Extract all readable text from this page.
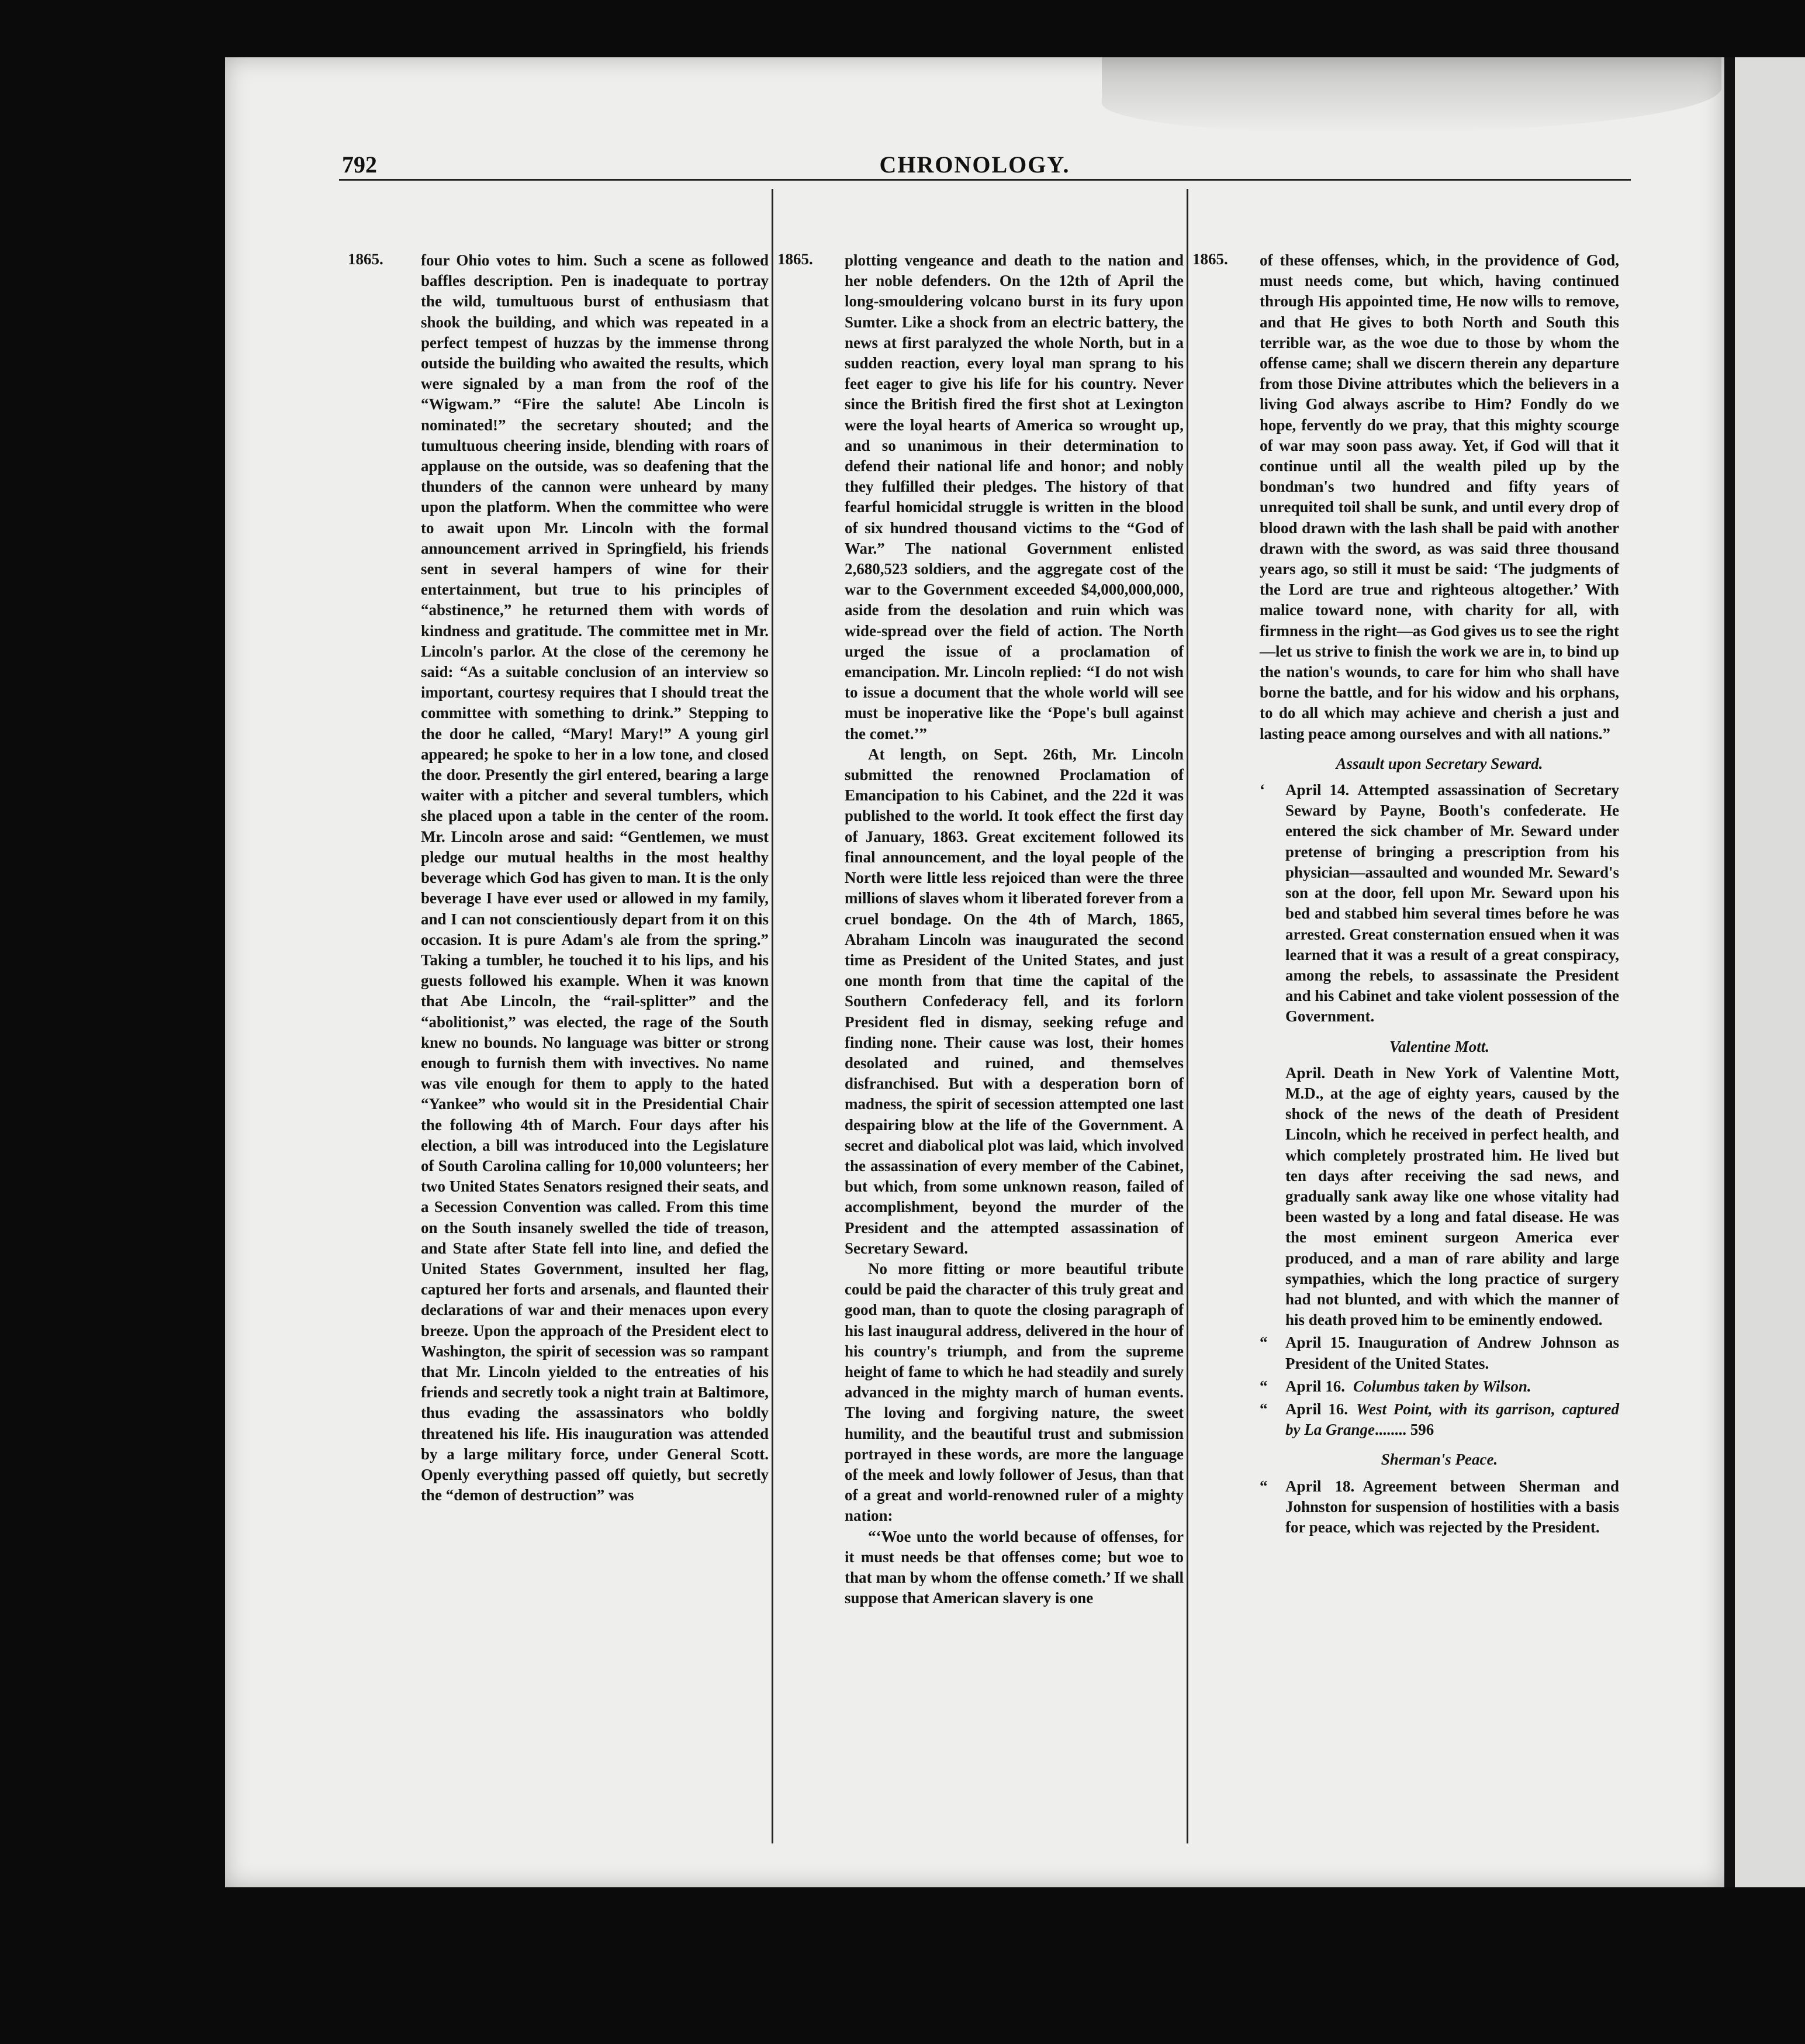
792	CHRONOLOGY.
1865.	1865.	1865.

four Ohio votes to him. Such a scene as followed baffles description. Pen is inadequate to portray the wild, tumultuous burst of enthusiasm that shook the building, and which was repeated in a perfect tempest of huzzas by the immense throng outside the building who awaited the results, which were signaled by a man from the roof of the “Wigwam.” “Fire the salute! Abe Lincoln is nominated!” the secretary shouted; and the tumultuous cheering inside, blending with roars of applause on the outside, was so deafening that the thunders of the cannon were unheard by many upon the platform. When the committee who were to await upon Mr. Lincoln with the formal announcement arrived in Springfield, his friends sent in several hampers of wine for their entertainment, but true to his principles of “abstinence,” he returned them with words of kindness and gratitude. The committee met in Mr. Lincoln's parlor. At the close of the ceremony he said: “As a suitable conclusion of an interview so important, courtesy requires that I should treat the committee with something to drink.” Stepping to the door he called, “Mary! Mary!” A young girl appeared; he spoke to her in a low tone, and closed the door. Presently the girl entered, bearing a large waiter with a pitcher and several tumblers, which she placed upon a table in the center of the room. Mr. Lincoln arose and said: “Gentlemen, we must pledge our mutual healths in the most healthy beverage which God has given to man. It is the only beverage I have ever used or allowed in my family, and I can not conscientiously depart from it on this occasion. It is pure Adam's ale from the spring.” Taking a tumbler, he touched it to his lips, and his guests followed his example. When it was known that Abe Lincoln, the “rail-splitter” and the “abolitionist,” was elected, the rage of the South knew no bounds. No language was bitter or strong enough to furnish them with invectives. No name was vile enough for them to apply to the hated “Yankee” who would sit in the Presidential Chair the following 4th of March. Four days after his election, a bill was introduced into the Legislature of South Carolina calling for 10,000 volunteers; her two United States Senators resigned their seats, and a Secession Convention was called. From this time on the South insanely swelled the tide of treason, and State after State fell into line, and defied the United States Government, insulted her flag, captured her forts and arsenals, and flaunted their declarations of war and their menaces upon every breeze. Upon the approach of the President elect to Washington, the spirit of secession was so rampant that Mr. Lincoln yielded to the entreaties of his friends and secretly took a night train at Baltimore, thus evading the assassinators who boldly threatened his life. His inauguration was attended by a large military force, under General Scott. Openly everything passed off quietly, but secretly the “demon of destruction” was

plotting vengeance and death to the nation and her noble defenders. On the 12th of April the long-smouldering volcano burst in its fury upon Sumter. Like a shock from an electric battery, the news at first paralyzed the whole North, but in a sudden reaction, every loyal man sprang to his feet eager to give his life for his country. Never since the British fired the first shot at Lexington were the loyal hearts of America so wrought up, and so unanimous in their determination to defend their national life and honor; and nobly they fulfilled their pledges. The history of that fearful homicidal struggle is written in the blood of six hundred thousand victims to the “God of War.” The national Government enlisted 2,680,523 soldiers, and the aggregate cost of the war to the Government exceeded $4,000,000,000, aside from the desolation and ruin which was wide-spread over the field of action. The North urged the issue of a proclamation of emancipation. Mr. Lincoln replied: “I do not wish to issue a document that the whole world will see must be inoperative like the ‘Pope's bull against the comet.’”

At length, on Sept. 26th, Mr. Lincoln submitted the renowned Proclamation of Emancipation to his Cabinet, and the 22d it was published to the world. It took effect the first day of January, 1863. Great excitement followed its final announcement, and the loyal people of the North were little less rejoiced than were the three millions of slaves whom it liberated forever from a cruel bondage. On the 4th of March, 1865, Abraham Lincoln was inaugurated the second time as President of the United States, and just one month from that time the capital of the Southern Confederacy fell, and its forlorn President fled in dismay, seeking refuge and finding none. Their cause was lost, their homes desolated and ruined, and themselves disfranchised. But with a desperation born of madness, the spirit of secession attempted one last despairing blow at the life of the Government. A secret and diabolical plot was laid, which involved the assassination of every member of the Cabinet, but which, from some unknown reason, failed of accomplishment, beyond the murder of the President and the attempted assassination of Secretary Seward.

No more fitting or more beautiful tribute could be paid the character of this truly great and good man, than to quote the closing paragraph of his last inaugural address, delivered in the hour of his country's triumph, and from the supreme height of fame to which he had steadily and surely advanced in the mighty march of human events. The loving and forgiving nature, the sweet humility, and the beautiful trust and submission portrayed in these words, are more the language of the meek and lowly follower of Jesus, than that of a great and world-renowned ruler of a mighty nation:

“‘Woe unto the world because of offenses, for it must needs be that offenses come; but woe to that man by whom the offense cometh.’ If we shall suppose that American slavery is one

of these offenses, which, in the providence of God, must needs come, but which, having continued through His appointed time, He now wills to remove, and that He gives to both North and South this terrible war, as the woe due to those by whom the offense came; shall we discern therein any departure from those Divine attributes which the believers in a living God always ascribe to Him? Fondly do we hope, fervently do we pray, that this mighty scourge of war may soon pass away. Yet, if God will that it continue until all the wealth piled up by the bondman's two hundred and fifty years of unrequited toil shall be sunk, and until every drop of blood drawn with the lash shall be paid with another drawn with the sword, as was said three thousand years ago, so still it must be said: ‘The judgments of the Lord are true and righteous altogether.’ With malice toward none, with charity for all, with firmness in the right—as God gives us to see the right—let us strive to finish the work we are in, to bind up the nation's wounds, to care for him who shall have borne the battle, and for his widow and his orphans, to do all which may achieve and cherish a just and lasting peace among ourselves and with all nations.”

Assault upon Secretary Seward.
‘	April 14. Attempted assassination of Secretary Seward by Payne, Booth's confederate. He entered the sick chamber of Mr. Seward under pretense of bringing a prescription from his physician—assaulted and wounded Mr. Seward's son at the door, fell upon Mr. Seward upon his bed and stabbed him several times before he was arrested. Great consternation ensued when it was learned that it was a result of a great conspiracy, among the rebels, to assassinate the President and his Cabinet and take violent possession of the Government.
Valentine Mott.
April. Death in New York of Valentine Mott, M.D., at the age of eighty years, caused by the shock of the news of the death of President Lincoln, which he received in perfect health, and which completely prostrated him. He lived but ten days after receiving the sad news, and gradually sank away like one whose vitality had been wasted by a long and fatal disease. He was the most eminent surgeon America ever produced, and a man of rare ability and large sympathies, which the long practice of surgery had not blunted, and with which the manner of his death proved him to be eminently endowed.
“	April 15. Inauguration of Andrew Johnson as President of the United States.
“	April 16. Columbus taken by Wilson.
“	April 16. West Point, with its garrison, captured by La Grange........ 596
Sherman's Peace.
“	April 18. Agreement between Sherman and Johnston for suspension of hostilities with a basis for peace, which was rejected by the President.
